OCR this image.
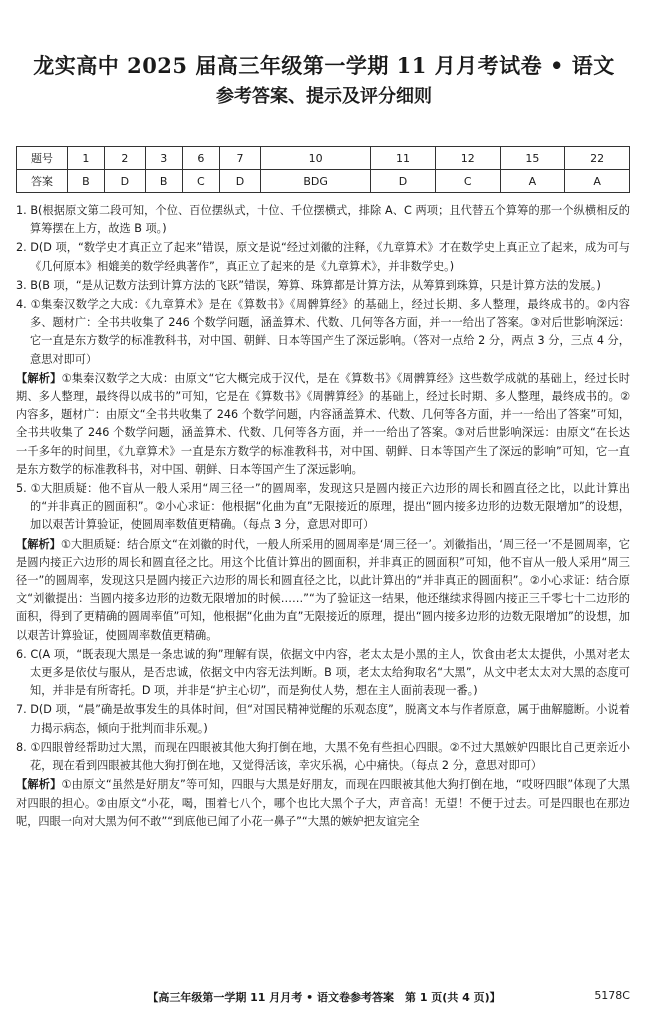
龙实高中 2025 届高三年级第一学期 11 月月考试卷 • 语文
参考答案、提示及评分细则
题号	1	2	3	6	7	10	11	12	15	22
答案	B	D	B	C	D	BDG	D	C	A	A

1. B(根据原文第二段可知，个位、百位摆纵式，十位、千位摆横式，排除 A、C 两项；且代替五个算筹的那一个纵横相反的算筹摆在上方，故选 B 项。)

2. D(D 项，“数学史才真正立了起来”错误，原文是说“经过刘徽的注释，《九章算术》才在数学史上真正立了起来，成为可与《几何原本》相媲美的数学经典著作”，真正立了起来的是《九章算术》，并非数学史。)

3. B(B 项，“是从记数方法到计算方法的飞跃”错误，筹算、珠算都是计算方法，从筹算到珠算，只是计算方法的发展。)

4. ①集秦汉数学之大成：《九章算术》是在《算数书》《周髀算经》的基础上，经过长期、多人整理，最终成书的。②内容多、题材广：全书共收集了 246 个数学问题，涵盖算术、代数、几何等各方面，并一一给出了答案。③对后世影响深远：它一直是东方数学的标准教科书，对中国、朝鲜、日本等国产生了深远影响。（答对一点给 2 分，两点 3 分，三点 4 分，意思对即可）

【解析】①集秦汉数学之大成：由原文“它大概完成于汉代，是在《算数书》《周髀算经》这些数学成就的基础上，经过长时期、多人整理，最终得以成书的”可知，它是在《算数书》《周髀算经》的基础上，经过长时期、多人整理，最终成书的。②内容多，题材广：由原文“全书共收集了 246 个数学问题，内容涵盖算术、代数、几何等各方面，并一一给出了答案”可知，全书共收集了 246 个数学问题，涵盖算术、代数、几何等各方面，并一一给出了答案。③对后世影响深远：由原文“在长达一千多年的时间里，《九章算术》一直是东方数学的标准教科书，对中国、朝鲜、日本等国产生了深远的影响”可知，它一直是东方数学的标准教科书，对中国、朝鲜、日本等国产生了深远影响。

5. ①大胆质疑：他不盲从一般人采用“周三径一”的圆周率，发现这只是圆内接正六边形的周长和圆直径之比，以此计算出的“并非真正的圆面积”。②小心求证：他根据“化曲为直”无限接近的原理，提出“圆内接多边形的边数无限增加”的设想，加以艰苦计算验证，使圆周率数值更精确。（每点 3 分，意思对即可）

【解析】①大胆质疑：结合原文“在刘徽的时代，一般人所采用的圆周率是‘周三径一’。刘徽指出，‘周三径一’不是圆周率，它是圆内接正六边形的周长和圆直径之比。用这个比值计算出的圆面积，并非真正的圆面积”可知，他不盲从一般人采用“周三径一”的圆周率，发现这只是圆内接正六边形的周长和圆直径之比，以此计算出的“并非真正的圆面积”。②小心求证：结合原文“刘徽提出：当圆内接多边形的边数无限增加的时候……”“为了验证这一结果，他还继续求得圆内接正三千零七十二边形的面积，得到了更精确的圆周率值”可知，他根据“化曲为直”无限接近的原理，提出“圆内接多边形的边数无限增加”的设想，加以艰苦计算验证，使圆周率数值更精确。

6. C(A 项，“既表现大黑是一条忠诚的狗”理解有误，依据文中内容，老太太是小黑的主人，饮食由老太太提供，小黑对老太太更多是依仗与服从，是否忠诚，依据文中内容无法判断。B 项，老太太给狗取名“大黑”，从文中老太太对大黑的态度可知，并非是有所寄托。D 项，并非是“护主心切”，而是狗仗人势，想在主人面前表现一番。)

7. D(D 项，“晨”确是故事发生的具体时间，但“对国民精神觉醒的乐观态度”，脱离文本与作者原意，属于曲解臆断。小说着力揭示病态，倾向于批判而非乐观。)

8. ①四眼曾经帮助过大黑，而现在四眼被其他大狗打倒在地，大黑不免有些担心四眼。②不过大黑嫉妒四眼比自己更亲近小花，现在看到四眼被其他大狗打倒在地，又觉得活该，幸灾乐祸，心中痛快。（每点 2 分，意思对即可）

【解析】①由原文“虽然是好朋友”等可知，四眼与大黑是好朋友，而现在四眼被其他大狗打倒在地，“哎呀四眼”体现了大黑对四眼的担心。②由原文“小花，喝，围着七八个，哪个也比大黑个子大，声音高！无望！不便于过去。可是四眼也在那边呢，四眼一向对大黑为何不敢”“到底他已闻了小花一鼻子”“大黑的嫉妒把友谊完全

【高三年级第一学期 11 月月考 • 语文卷参考答案　第 1 页(共 4 页)】	5178C
